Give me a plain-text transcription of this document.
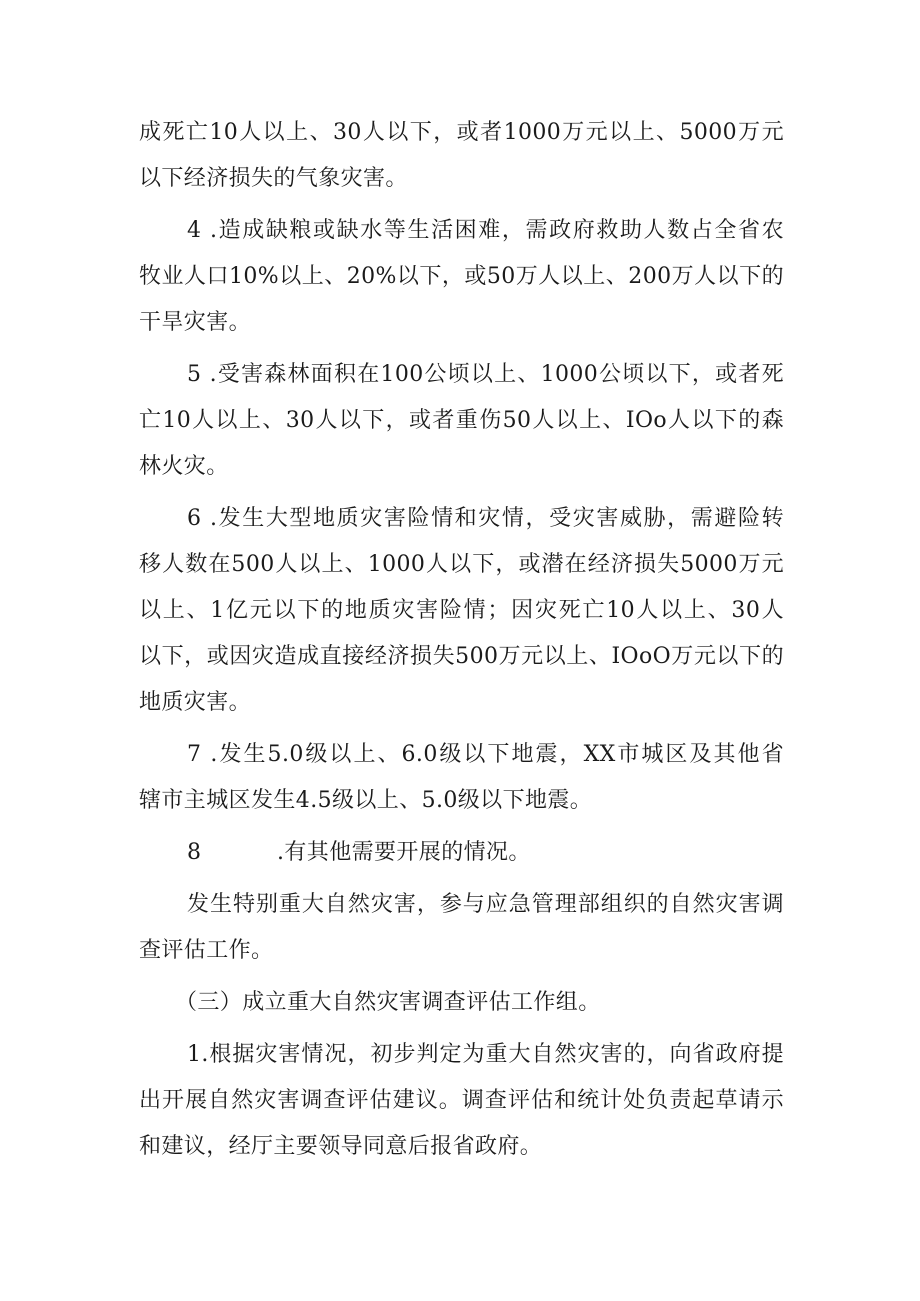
成死亡10人以上、30人以下，或者1000万元以上、5000万元
以下经济损失的气象灾害。

4 .造成缺粮或缺水等生活困难，需政府救助人数占全省农
牧业人口10%以上、20%以下，或50万人以上、200万人以下的
干旱灾害。

5 .受害森林面积在100公顷以上、1000公顷以下，或者死
亡10人以上、30人以下，或者重伤50人以上、IOo人以下的森
林火灾。

6 .发生大型地质灾害险情和灾情，受灾害威胁，需避险转
移人数在500人以上、1000人以下，或潜在经济损失5000万元
以上、1亿元以下的地质灾害险情；因灾死亡10人以上、30人
以下，或因灾造成直接经济损失500万元以上、IOoO万元以下的
地质灾害。

7 .发生5.0级以上、6.0级以下地震，XX市城区及其他省
辖市主城区发生4.5级以上、5.0级以下地震。

8	.有其他需要开展的情况。

发生特别重大自然灾害，参与应急管理部组织的自然灾害调
查评估工作。

（三）成立重大自然灾害调查评估工作组。

1.根据灾害情况，初步判定为重大自然灾害的，向省政府提
出开展自然灾害调查评估建议。调查评估和统计处负责起草请示
和建议，经厅主要领导同意后报省政府。
